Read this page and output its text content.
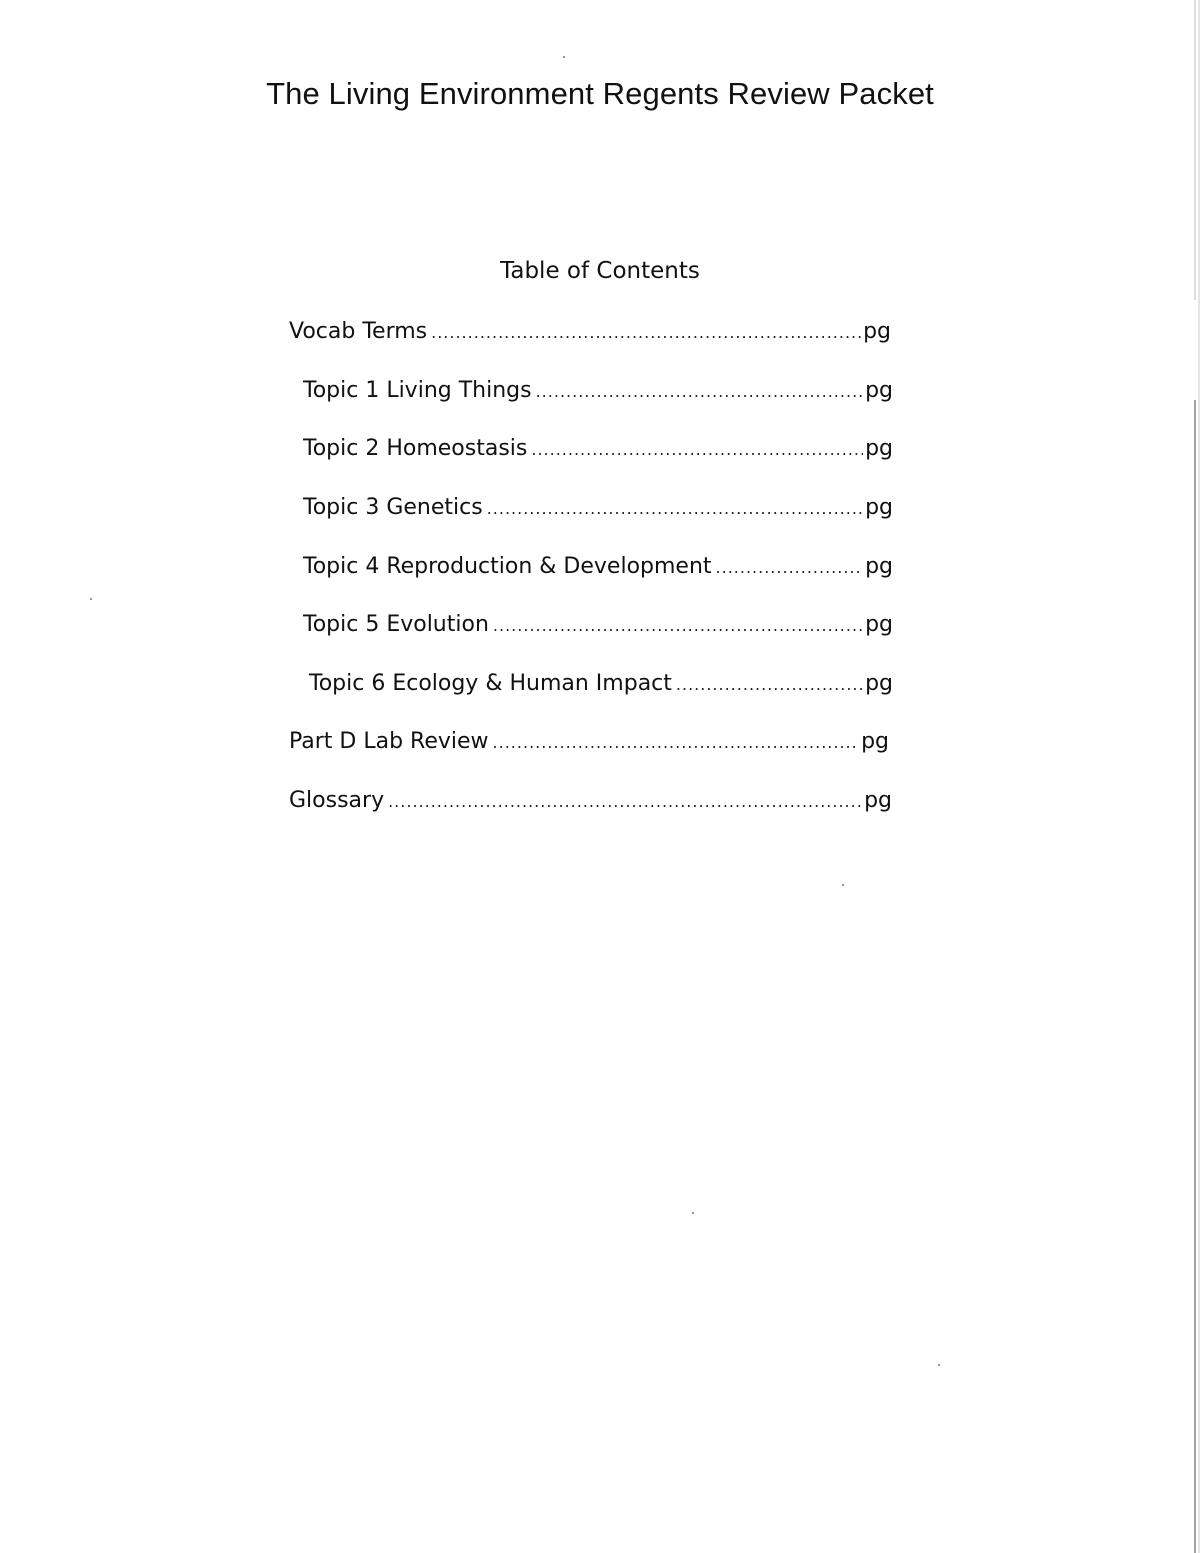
The Living Environment Regents Review Packet
Table of Contents
Vocab Terms .....	pg
Topic 1 Living Things .....	pg
Topic 2 Homeostasis .....	pg
Topic 3 Genetics .....	pg
Topic 4 Reproduction & Development .....	pg
Topic 5 Evolution .....	pg
Topic 6 Ecology & Human Impact .....	pg
Part D Lab Review .....	pg
Glossary .....	pg
